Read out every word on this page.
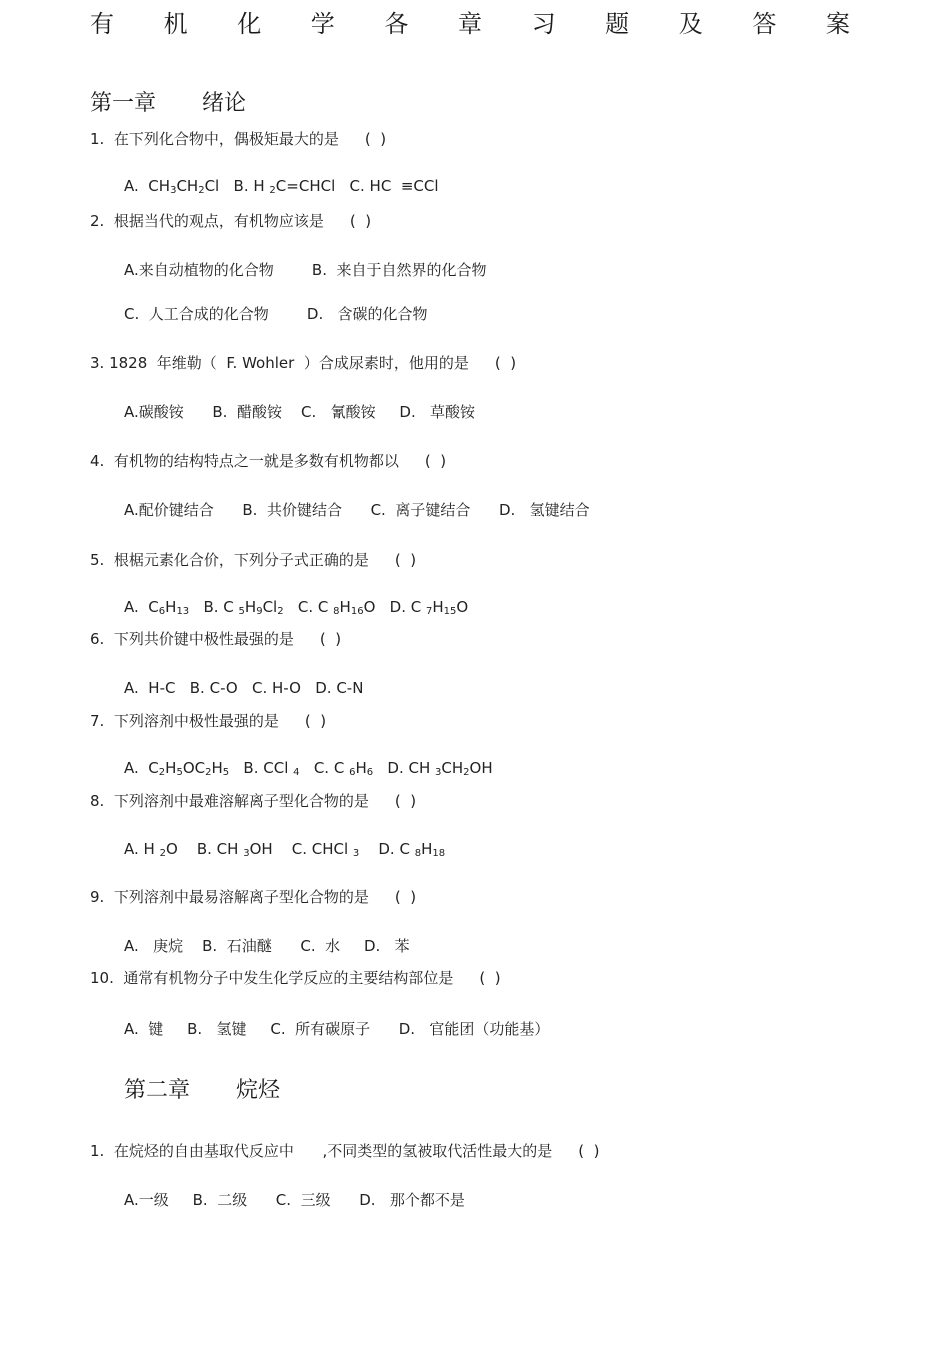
有 机 化 学 各 章 习 题 及 答 案
第一章 绪论
1.  在下列化合物中，偶极矩最大的是 (  )
A.  $CH_3CH_2Cl$ B. H $_2$C=CHCl C. HC  ≡CCl
2.  根据当代的观点，有机物应该是 (  )
A.来自动植物的化合物        B.  来自于自然界的化合物
C.  人工合成的化合物        D.   含碳的化合物
3. 1828  年维勒（  F. Wohler  ）合成尿素时，他用的是 (  )
A.碳酸铵      B.  醋酸铵    C.   氰酸铵     D.   草酸铵
4.  有机物的结构特点之一就是多数有机物都以 (  )
A.配价键结合      B.  共价键结合      C.  离子键结合      D.   氢键结合
5.  根椐元素化合价，下列分子式正确的是 (  )
A.  $C_6H_{13}$   B. C $_5H_9Cl_2$   C. C $_8H_{16}O$   D. C $_7H_{15}O$
6.  下列共价键中极性最强的是 (  )
A.  H-C   B. C-O   C. H-O   D. C-N
7.  下列溶剂中极性最强的是 (  )
A.  $C_2H_5OC_2H_5$   B. CCl $_4$   C. C $_6H_6$   D. CH $_3CH_2OH$
8.  下列溶剂中最难溶解离子型化合物的是 (  )
A. H $_2$O    B. CH $_3$OH    C. CHCl $_3$    D. C $_8H_{18}$
9.  下列溶剂中最易溶解离子型化合物的是 (  )
A.   庚烷    B.  石油醚      C.  水     D.   苯
10.  通常有机物分子中发生化学反应的主要结构部位是 (  )
A.  键     B.   氢键     C.  所有碳原子      D.   官能团（功能基）
第二章 烷烃
1.  在烷烃的自由基取代反应中      ,不同类型的氢被取代活性最大的是 (  )
A.一级     B.  二级      C.  三级      D.   那个都不是
